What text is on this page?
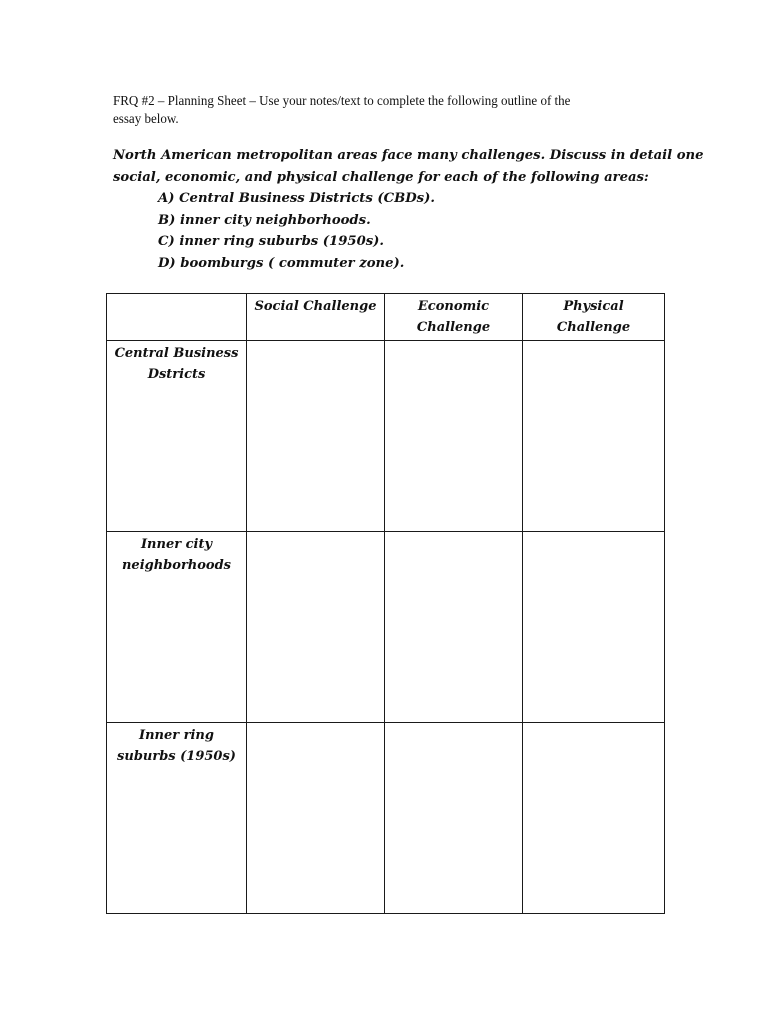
FRQ #2 – Planning Sheet – Use your notes/text to complete the following outline of the
essay below.
North American metropolitan areas face many challenges. Discuss in detail one
social, economic, and physical challenge for each of the following areas:
A) Central Business Districts (CBDs).
B) inner city neighborhoods.
C) inner ring suburbs (1950s).
D) boomburgs ( commuter zone).
	Social Challenge	Economic Challenge	Physical Challenge
Central Business Dstricts			
Inner city neighborhoods			
Inner ring suburbs (1950s)			
